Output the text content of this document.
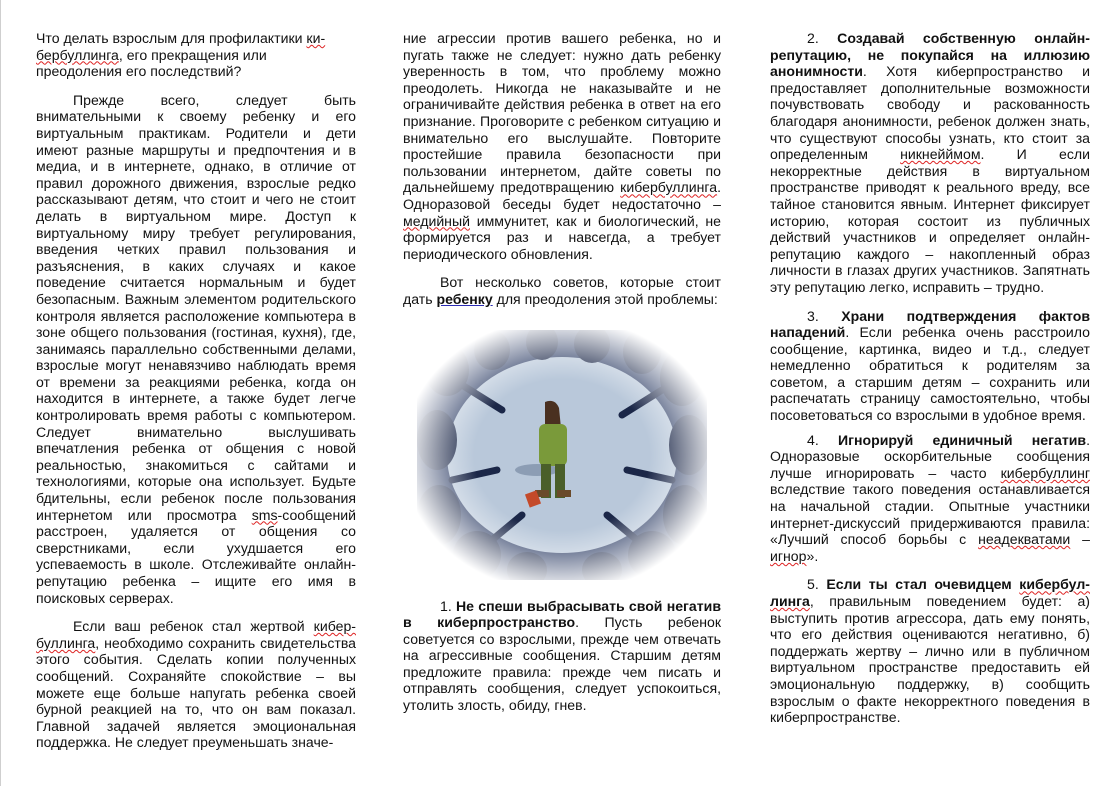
Что делать взрослым для профилактики ки-бербуллинга, его прекращения или преодоления его последствий?

Прежде всего, следует быть внимательными к своему ребенку и его виртуальным практикам. Родители и дети имеют разные маршруты и предпочтения и в медиа, и в интернете, однако, в отличие от правил дорожного движения, взрослые редко рассказывают детям, что стоит и чего не стоит делать в виртуальном мире. Доступ к виртуальному миру требует регулирования, введения четких правил пользования и разъяснения, в каких случаях и какое поведение считается нормальным и будет безопасным. Важным элементом родительского контроля является расположение компьютера в зоне общего пользования (гостиная, кухня), где, занимаясь параллельно собственными делами, взрослые могут ненавязчиво наблюдать время от времени за реакциями ребенка, когда он находится в интернете, а также будет легче контролировать время работы с компьютером. Следует внимательно выслушивать впечатления ребенка от общения с новой реальностью, знакомиться с сайтами и технологиями, которые она использует. Будьте бдительны, если ребенок после пользования интернетом или просмотра sms-сообщений расстроен, удаляется от общения со сверстниками, если ухудшается его успеваемость в школе. Отслеживайте онлайн-репутацию ребенка – ищите его имя в поисковых серверах.

Если ваш ребенок стал жертвой кибер-буллинга, необходимо сохранить свидетельства этого события. Сделать копии полученных сообщений. Сохраняйте спокойствие – вы можете еще больше напугать ребенка своей бурной реакцией на то, что он вам показал. Главной задачей является эмоциональная поддержка. Не следует преуменьшать значе-

ние агрессии против вашего ребенка, но и пугать также не следует: нужно дать ребенку уверенность в том, что проблему можно преодолеть. Никогда не наказывайте и не ограничивайте действия ребенка в ответ на его признание. Проговорите с ребенком ситуацию и внимательно его выслушайте. Повторите простейшие правила безопасности при пользовании интернетом, дайте советы по дальнейшему предотвращению кибербуллинга. Одноразовой беседы будет недостаточно – медийный иммунитет, как и биологический, не формируется раз и навсегда, а требует периодического обновления.

Вот несколько советов, которые стоит дать ребенку для преодоления этой проблемы:

1. Не спеши выбрасывать свой негатив в киберпространство. Пусть ребенок советуется со взрослыми, прежде чем отвечать на агрессивные сообщения. Старшим детям предложите правила: прежде чем писать и отправлять сообщения, следует успокоиться, утолить злость, обиду, гнев.

2. Создавай собственную онлайн-репутацию, не покупайся на иллюзию анонимности. Хотя киберпространство и предоставляет дополнительные возможности почувствовать свободу и раскованность благодаря анонимности, ребенок должен знать, что существуют способы узнать, кто стоит за определенным никнейймом. И если некорректные действия в виртуальном пространстве приводят к реального вреду, все тайное становится явным. Интернет фиксирует историю, которая состоит из публичных действий участников и определяет онлайн-репутацию каждого – накопленный образ личности в глазах других участников. Запятнать эту репутацию легко, исправить – трудно.

3. Храни подтверждения фактов нападений. Если ребенка очень расстроило сообщение, картинка, видео и т.д., следует немедленно обратиться к родителям за советом, а старшим детям – сохранить или распечатать страницу самостоятельно, чтобы посоветоваться со взрослыми в удобное время.

4. Игнорируй единичный негатив. Одноразовые оскорбительные сообщения лучше игнорировать – часто кибербуллинг вследствие такого поведения останавливается на начальной стадии. Опытные участники интернет-дискуссий придерживаются правила: «Лучший способ борьбы с неадекватами – игнор».

5. Если ты стал очевидцем кибербул-линга, правильным поведением будет: а) выступить против агрессора, дать ему понять, что его действия оцениваются негативно, б) поддержать жертву – лично или в публичном виртуальном пространстве предоставить ей эмоциональную поддержку, в) сообщить взрослым о факте некорректного поведения в киберпространстве.
